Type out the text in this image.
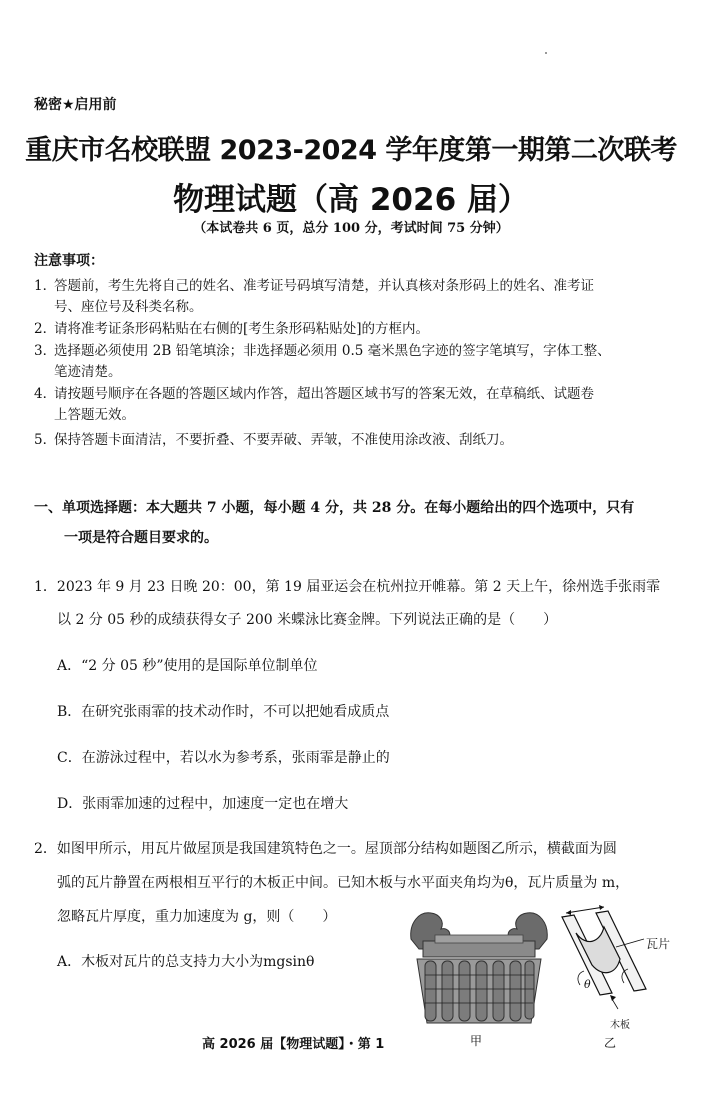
秘密★启用前
重庆市名校联盟 2023-2024 学年度第一期第二次联考
物理试题（高 2026 届）
（本试卷共 6 页，总分 100 分，考试时间 75 分钟）
注意事项：
1．答题前，考生先将自己的姓名、准考证号码填写清楚，并认真核对条形码上的姓名、准考证
号、座位号及科类名称。
2．请将准考证条形码粘贴在右侧的[考生条形码粘贴处]的方框内。
3．选择题必须使用 2B 铅笔填涂；非选择题必须用 0.5 毫米黑色字迹的签字笔填写，字体工整、
笔迹清楚。
4．请按题号顺序在各题的答题区域内作答，超出答题区域书写的答案无效，在草稿纸、试题卷
上答题无效。
5．保持答题卡面清洁，不要折叠、不要弄破、弄皱，不准使用涂改液、刮纸刀。
一、单项选择题：本大题共 7 小题，每小题 4 分，共 28 分。在每小题给出的四个选项中，只有
一项是符合题目要求的。
1．2023 年 9 月 23 日晚 20：00，第 19 届亚运会在杭州拉开帷幕。第 2 天上午，徐州选手张雨霏
以 2 分 05 秒的成绩获得女子 200 米蝶泳比赛金牌。下列说法正确的是（　　）
A．“2 分 05 秒”使用的是国际单位制单位
B．在研究张雨霏的技术动作时，不可以把她看成质点
C．在游泳过程中，若以水为参考系，张雨霏是静止的
D．张雨霏加速的过程中，加速度一定也在增大
2．如图甲所示，用瓦片做屋顶是我国建筑特色之一。屋顶部分结构如题图乙所示，横截面为圆
弧的瓦片静置在两根相互平行的木板正中间。已知木板与水平面夹角均为θ，瓦片质量为 m，
忽略瓦片厚度，重力加速度为 g，则（　　）
A．木板对瓦片的总支持力大小为mgsinθ
甲
瓦片
木板
θ
乙
高 2026 届【物理试题】・第 1
